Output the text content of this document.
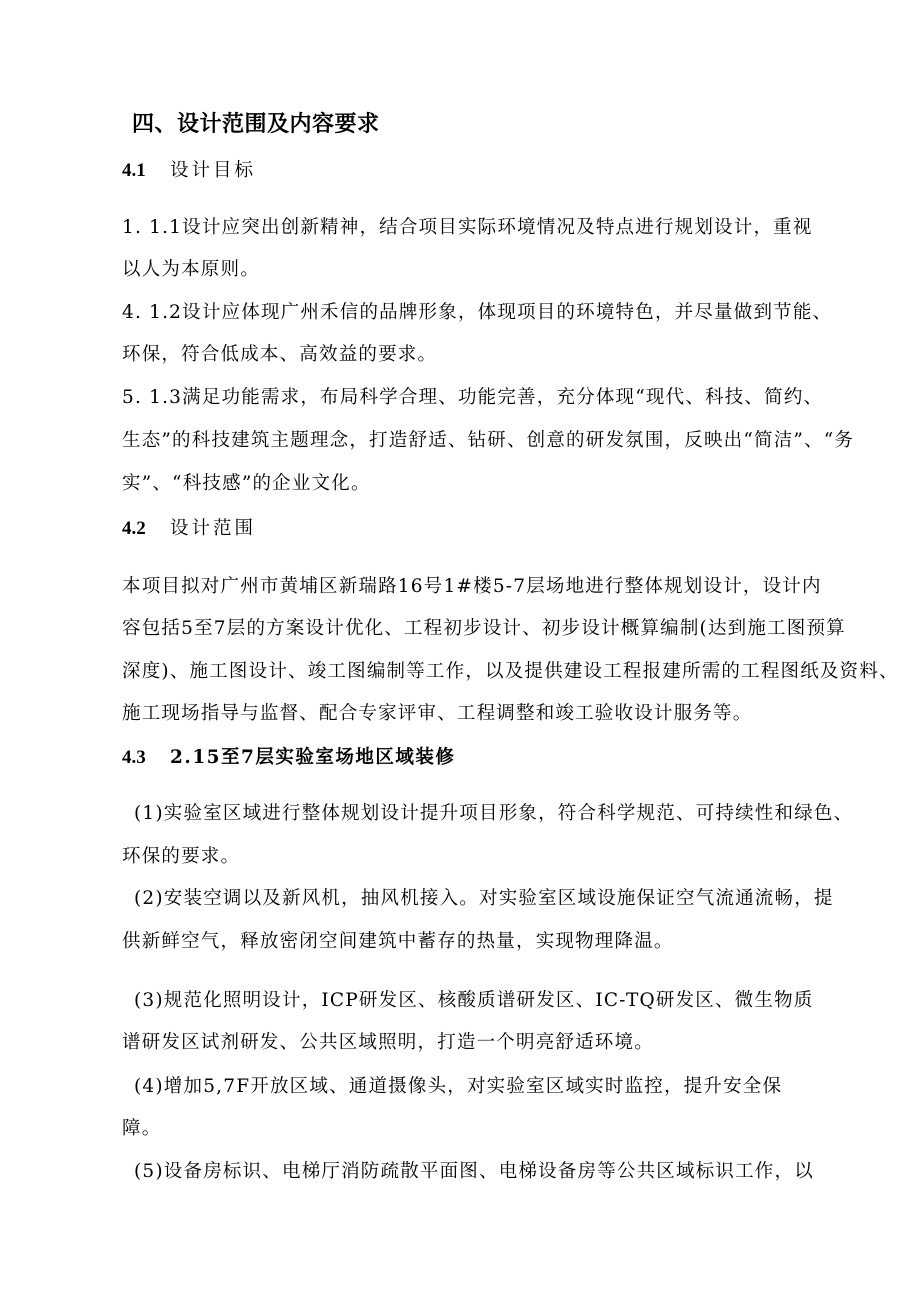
四、设计范围及内容要求
4.1 设计目标
1. 1.1设计应突出创新精神，结合项目实际环境情况及特点进行规划设计，重视
以人为本原则。
4. 1.2设计应体现广州禾信的品牌形象，体现项目的环境特色，并尽量做到节能、
环保，符合低成本、高效益的要求。
5. 1.3满足功能需求，布局科学合理、功能完善，充分体现“现代、科技、简约、
生态”的科技建筑主题理念，打造舒适、钻研、创意的研发氛围，反映出“简洁”、“务
实”、“科技感”的企业文化。
4.2 设计范围
本项目拟对广州市黄埔区新瑞路16号1#楼5-7层场地进行整体规划设计，设计内
容包括5至7层的方案设计优化、工程初步设计、初步设计概算编制(达到施工图预算
深度)、施工图设计、竣工图编制等工作，以及提供建设工程报建所需的工程图纸及资料、
施工现场指导与监督、配合专家评审、工程调整和竣工验收设计服务等。
4.3 2.15至7层实验室场地区域装修
(1)实验室区域进行整体规划设计提升项目形象，符合科学规范、可持续性和绿色、
环保的要求。
(2)安装空调以及新风机，抽风机接入。对实验室区域设施保证空气流通流畅，提
供新鲜空气，释放密闭空间建筑中蓄存的热量，实现物理降温。
(3)规范化照明设计，ICP研发区、核酸质谱研发区、IC-TQ研发区、微生物质
谱研发区试剂研发、公共区域照明，打造一个明亮舒适环境。
(4)增加5,7F开放区域、通道摄像头，对实验室区域实时监控，提升安全保
障。
(5)设备房标识、电梯厅消防疏散平面图、电梯设备房等公共区域标识工作，以
